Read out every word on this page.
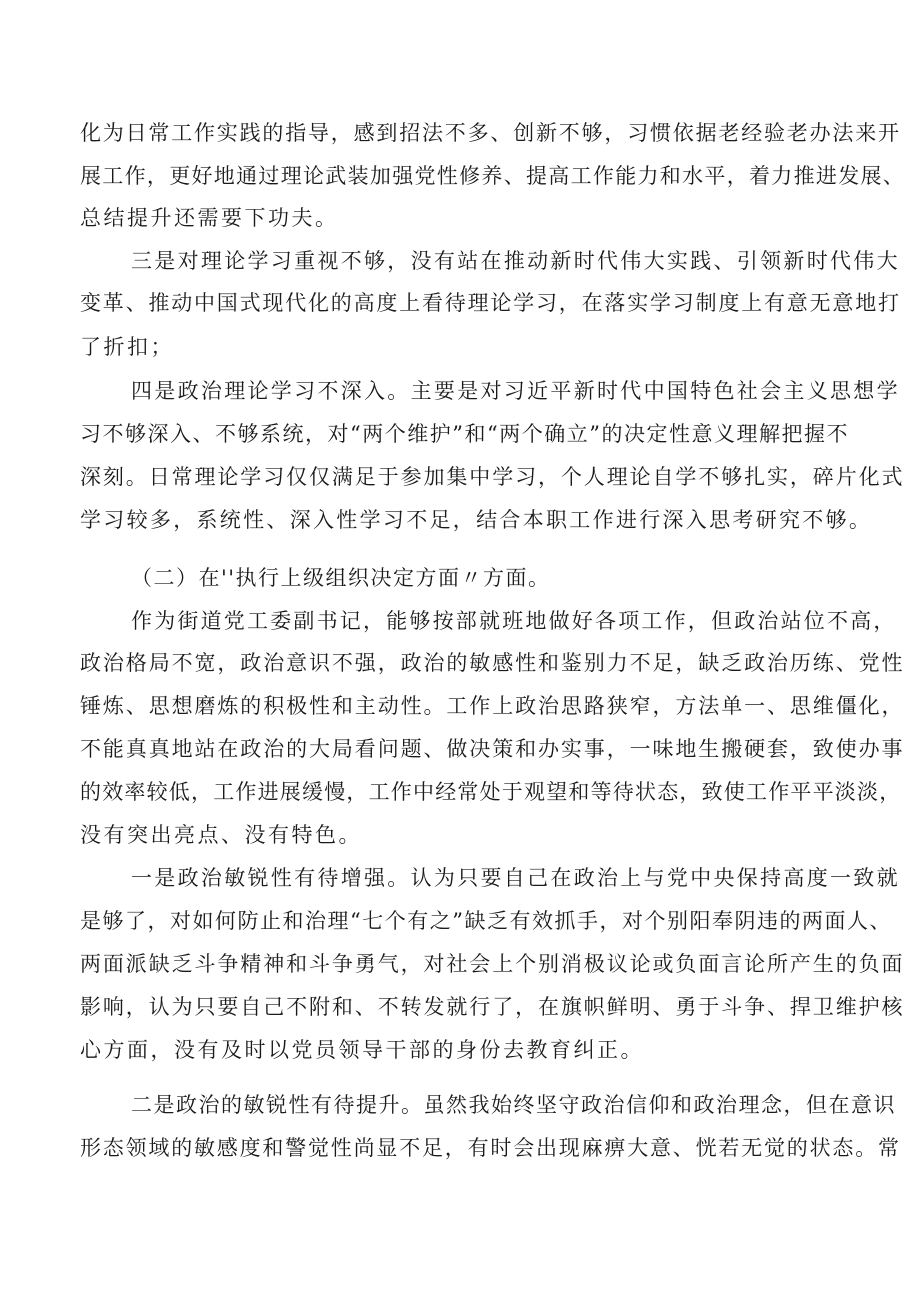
化为日常工作实践的指导，感到招法不多、创新不够，习惯依据老经验老办法来开
展工作，更好地通过理论武装加强党性修养、提高工作能力和水平，着力推进发展、
总结提升还需要下功夫。
三是对理论学习重视不够，没有站在推动新时代伟大实践、引领新时代伟大
变革、推动中国式现代化的高度上看待理论学习，在落实学习制度上有意无意地打
了折扣；
四是政治理论学习不深入。主要是对习近平新时代中国特色社会主义思想学
习不够深入、不够系统，对“两个维护”和“两个确立”的决定性意义理解把握不
深刻。日常理论学习仅仅满足于参加集中学习，个人理论自学不够扎实，碎片化式
学习较多，系统性、深入性学习不足，结合本职工作进行深入思考研究不够。
（二）在''执行上级组织决定方面〃方面。
作为街道党工委副书记，能够按部就班地做好各项工作，但政治站位不高，
政治格局不宽，政治意识不强，政治的敏感性和鉴别力不足，缺乏政治历练、党性
锤炼、思想磨炼的积极性和主动性。工作上政治思路狭窄，方法单一、思维僵化，
不能真真地站在政治的大局看问题、做决策和办实事，一味地生搬硬套，致使办事
的效率较低，工作进展缓慢，工作中经常处于观望和等待状态，致使工作平平淡淡，
没有突出亮点、没有特色。
一是政治敏锐性有待增强。认为只要自己在政治上与党中央保持高度一致就
是够了，对如何防止和治理“七个有之”缺乏有效抓手，对个别阳奉阴违的两面人、
两面派缺乏斗争精神和斗争勇气，对社会上个别消极议论或负面言论所产生的负面
影响，认为只要自己不附和、不转发就行了，在旗帜鲜明、勇于斗争、捍卫维护核
心方面，没有及时以党员领导干部的身份去教育纠正。
二是政治的敏锐性有待提升。虽然我始终坚守政治信仰和政治理念，但在意识
形态领域的敏感度和警觉性尚显不足，有时会出现麻痹大意、恍若无觉的状态。常
